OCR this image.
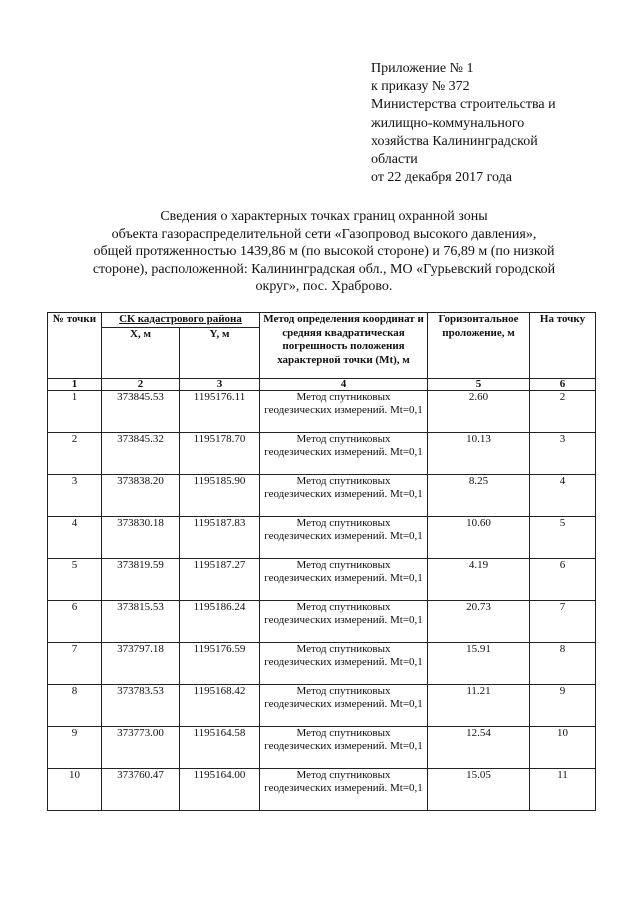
Приложение № 1
к приказу № 372
Министерства строительства и
жилищно-коммунального
хозяйства Калининградской
области
от 22 декабря 2017 года
Сведения о характерных точках границ охранной зоны
объекта газораспределительной сети «Газопровод высокого давления»,
общей протяженностью 1439,86 м (по высокой стороне) и 76,89 м (по низкой
стороне), расположенной: Калининградская обл., МО «Гурьевский городской
округ», пос. Храброво.
№ точки	СК кадастрового района		Метод определения координат и средняя квадратическая погрешность положения характерной точки (Mt), м	Горизонтальное проложение, м	На точку
	X, м	Y, м			
1	2	3	4	5	6
1	373845.53	1195176.11	Метод спутниковых геодезических измерений. Mt=0,1	2.60	2
2	373845.32	1195178.70	Метод спутниковых геодезических измерений. Mt=0,1	10.13	3
3	373838.20	1195185.90	Метод спутниковых геодезических измерений. Mt=0,1	8.25	4
4	373830.18	1195187.83	Метод спутниковых геодезических измерений. Mt=0,1	10.60	5
5	373819.59	1195187.27	Метод спутниковых геодезических измерений. Mt=0,1	4.19	6
6	373815.53	1195186.24	Метод спутниковых геодезических измерений. Mt=0,1	20.73	7
7	373797.18	1195176.59	Метод спутниковых геодезических измерений. Mt=0,1	15.91	8
8	373783.53	1195168.42	Метод спутниковых геодезических измерений. Mt=0,1	11.21	9
9	373773.00	1195164.58	Метод спутниковых геодезических измерений. Mt=0,1	12.54	10
10	373760.47	1195164.00	Метод спутниковых геодезических измерений. Mt=0,1	15.05	11
